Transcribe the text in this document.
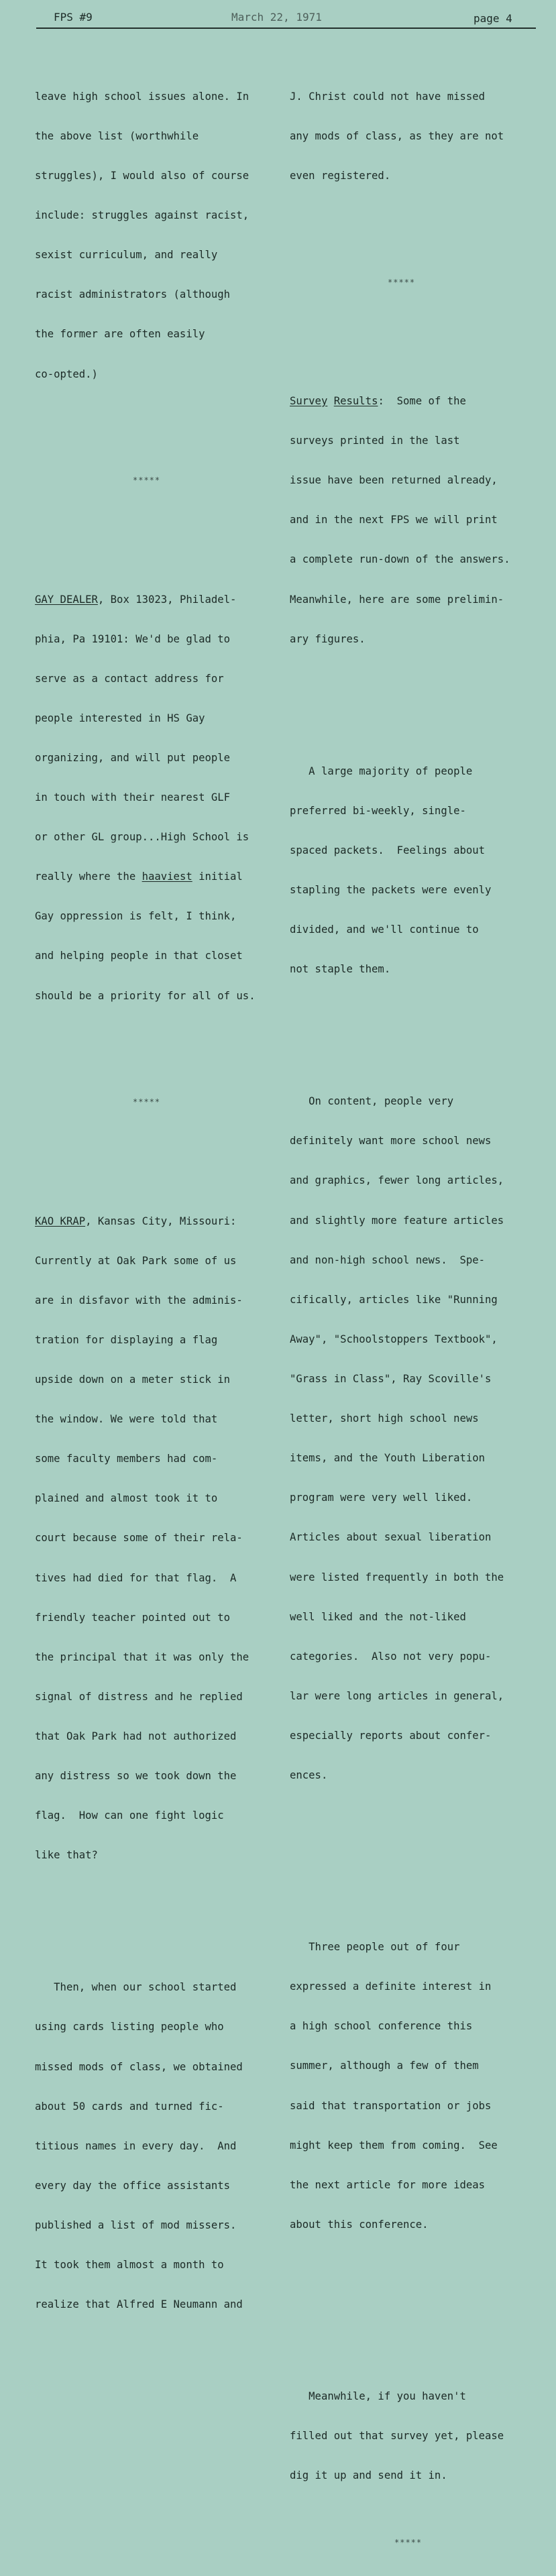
FPS #9	March 22, 1971	page 4

leave high school issues alone. In

the above list (worthwhile

struggles), I would also of course

include: struggles against racist,

sexist curriculum, and really

racist administrators (although

the former are often easily

co-opted.)

*****

GAY DEALER, Box 13023, Philadel-

phia, Pa 19101: We'd be glad to

serve as a contact address for

people interested in HS Gay

organizing, and will put people

in touch with their nearest GLF

or other GL group...High School is

really where the haaviest initial

Gay oppression is felt, I think,

and helping people in that closet

should be a priority for all of us.

*****

KAO KRAP, Kansas City, Missouri:

Currently at Oak Park some of us

are in disfavor with the adminis-

tration for displaying a flag

upside down on a meter stick in

the window. We were told that

some faculty members had com-

plained and almost took it to

court because some of their rela-

tives had died for that flag.  A

friendly teacher pointed out to

the principal that it was only the

signal of distress and he replied

that Oak Park had not authorized

any distress so we took down the

flag.  How can one fight logic

like that?

Then, when our school started

using cards listing people who

missed mods of class, we obtained

about 50 cards and turned fic-

titious names in every day.  And

every day the office assistants

published a list of mod missers.

It took them almost a month to

realize that Alfred E Neumann and

J. Christ could not have missed

any mods of class, as they are not

even registered.

*****

Survey Results:  Some of the

surveys printed in the last

issue have been returned already,

and in the next FPS we will print

a complete run-down of the answers.

Meanwhile, here are some prelimin-

ary figures.

A large majority of people

preferred bi-weekly, single-

spaced packets.  Feelings about

stapling the packets were evenly

divided, and we'll continue to

not staple them.

On content, people very

definitely want more school news

and graphics, fewer long articles,

and slightly more feature articles

and non-high school news.  Spe-

cifically, articles like "Running

Away", "Schoolstoppers Textbook",

"Grass in Class", Ray Scoville's

letter, short high school news

items, and the Youth Liberation

program were very well liked.

Articles about sexual liberation

were listed frequently in both the

well liked and the not-liked

categories.  Also not very popu-

lar were long articles in general,

especially reports about confer-

ences.

Three people out of four

expressed a definite interest in

a high school conference this

summer, although a few of them

said that transportation or jobs

might keep them from coming.  See

the next article for more ideas

about this conference.

Meanwhile, if you haven't

filled out that survey yet, please

dig it up and send it in.

*****
